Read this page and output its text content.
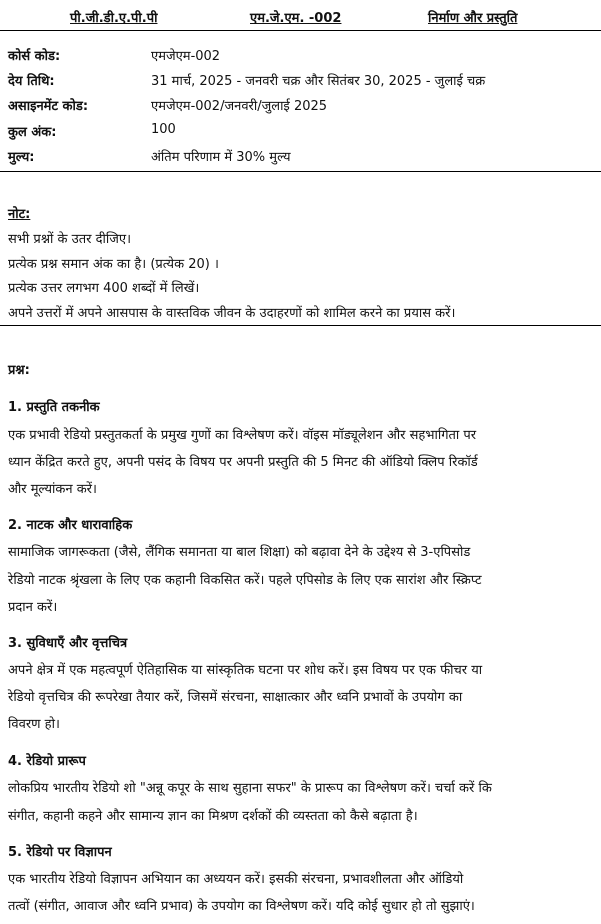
पी.जी.डी.ए.पी.पी	एम.जे.एम. -002	निर्माण और प्रस्तुति
कोर्स कोड:	एमजेएम-002
देय तिथि:	31 मार्च, 2025 - जनवरी चक्र और सितंबर 30, 2025 - जुलाई चक्र
असाइनमेंट कोड:	एमजेएम-002/जनवरी/जुलाई 2025
कुल अंक:	100
मुल्य:	अंतिम परिणाम में 30% मुल्य
नोट:
सभी प्रश्नों के उतर दीजिए।
प्रत्येक प्रश्न समान अंक का है। (प्रत्येक 20) ।
प्रत्येक उत्तर लगभग 400 शब्दों में लिखें।
अपने उत्तरों में अपने आसपास के वास्तविक जीवन के उदाहरणों को शामिल करने का प्रयास करें।
प्रश्न:
1. प्रस्तुति तकनीक
एक प्रभावी रेडियो प्रस्तुतकर्ता के प्रमुख गुणों का विश्लेषण करें। वॉइस मॉड्यूलेशन और सहभागिता पर
ध्यान केंद्रित करते हुए, अपनी पसंद के विषय पर अपनी प्रस्तुति की 5 मिनट की ऑडियो क्लिप रिकॉर्ड
और मूल्यांकन करें।
2. नाटक और धारावाहिक
सामाजिक जागरूकता (जैसे, लैंगिक समानता या बाल शिक्षा) को बढ़ावा देने के उद्देश्य से 3-एपिसोड
रेडियो नाटक श्रृंखला के लिए एक कहानी विकसित करें। पहले एपिसोड के लिए एक सारांश और स्क्रिप्ट
प्रदान करें।
3. सुविधाएँ और वृत्तचित्र
अपने क्षेत्र में एक महत्वपूर्ण ऐतिहासिक या सांस्कृतिक घटना पर शोध करें। इस विषय पर एक फीचर या
रेडियो वृत्तचित्र की रूपरेखा तैयार करें, जिसमें संरचना, साक्षात्कार और ध्वनि प्रभावों के उपयोग का
विवरण हो।
4. रेडियो प्रारूप
लोकप्रिय भारतीय रेडियो शो "अन्नू कपूर के साथ सुहाना सफर" के प्रारूप का विश्लेषण करें। चर्चा करें कि
संगीत, कहानी कहने और सामान्य ज्ञान का मिश्रण दर्शकों की व्यस्तता को कैसे बढ़ाता है।
5. रेडियो पर विज्ञापन
एक भारतीय रेडियो विज्ञापन अभियान का अध्ययन करें। इसकी संरचना, प्रभावशीलता और ऑडियो
तत्वों (संगीत, आवाज और ध्वनि प्रभाव) के उपयोग का विश्लेषण करें। यदि कोई सुधार हो तो सुझाएं।
